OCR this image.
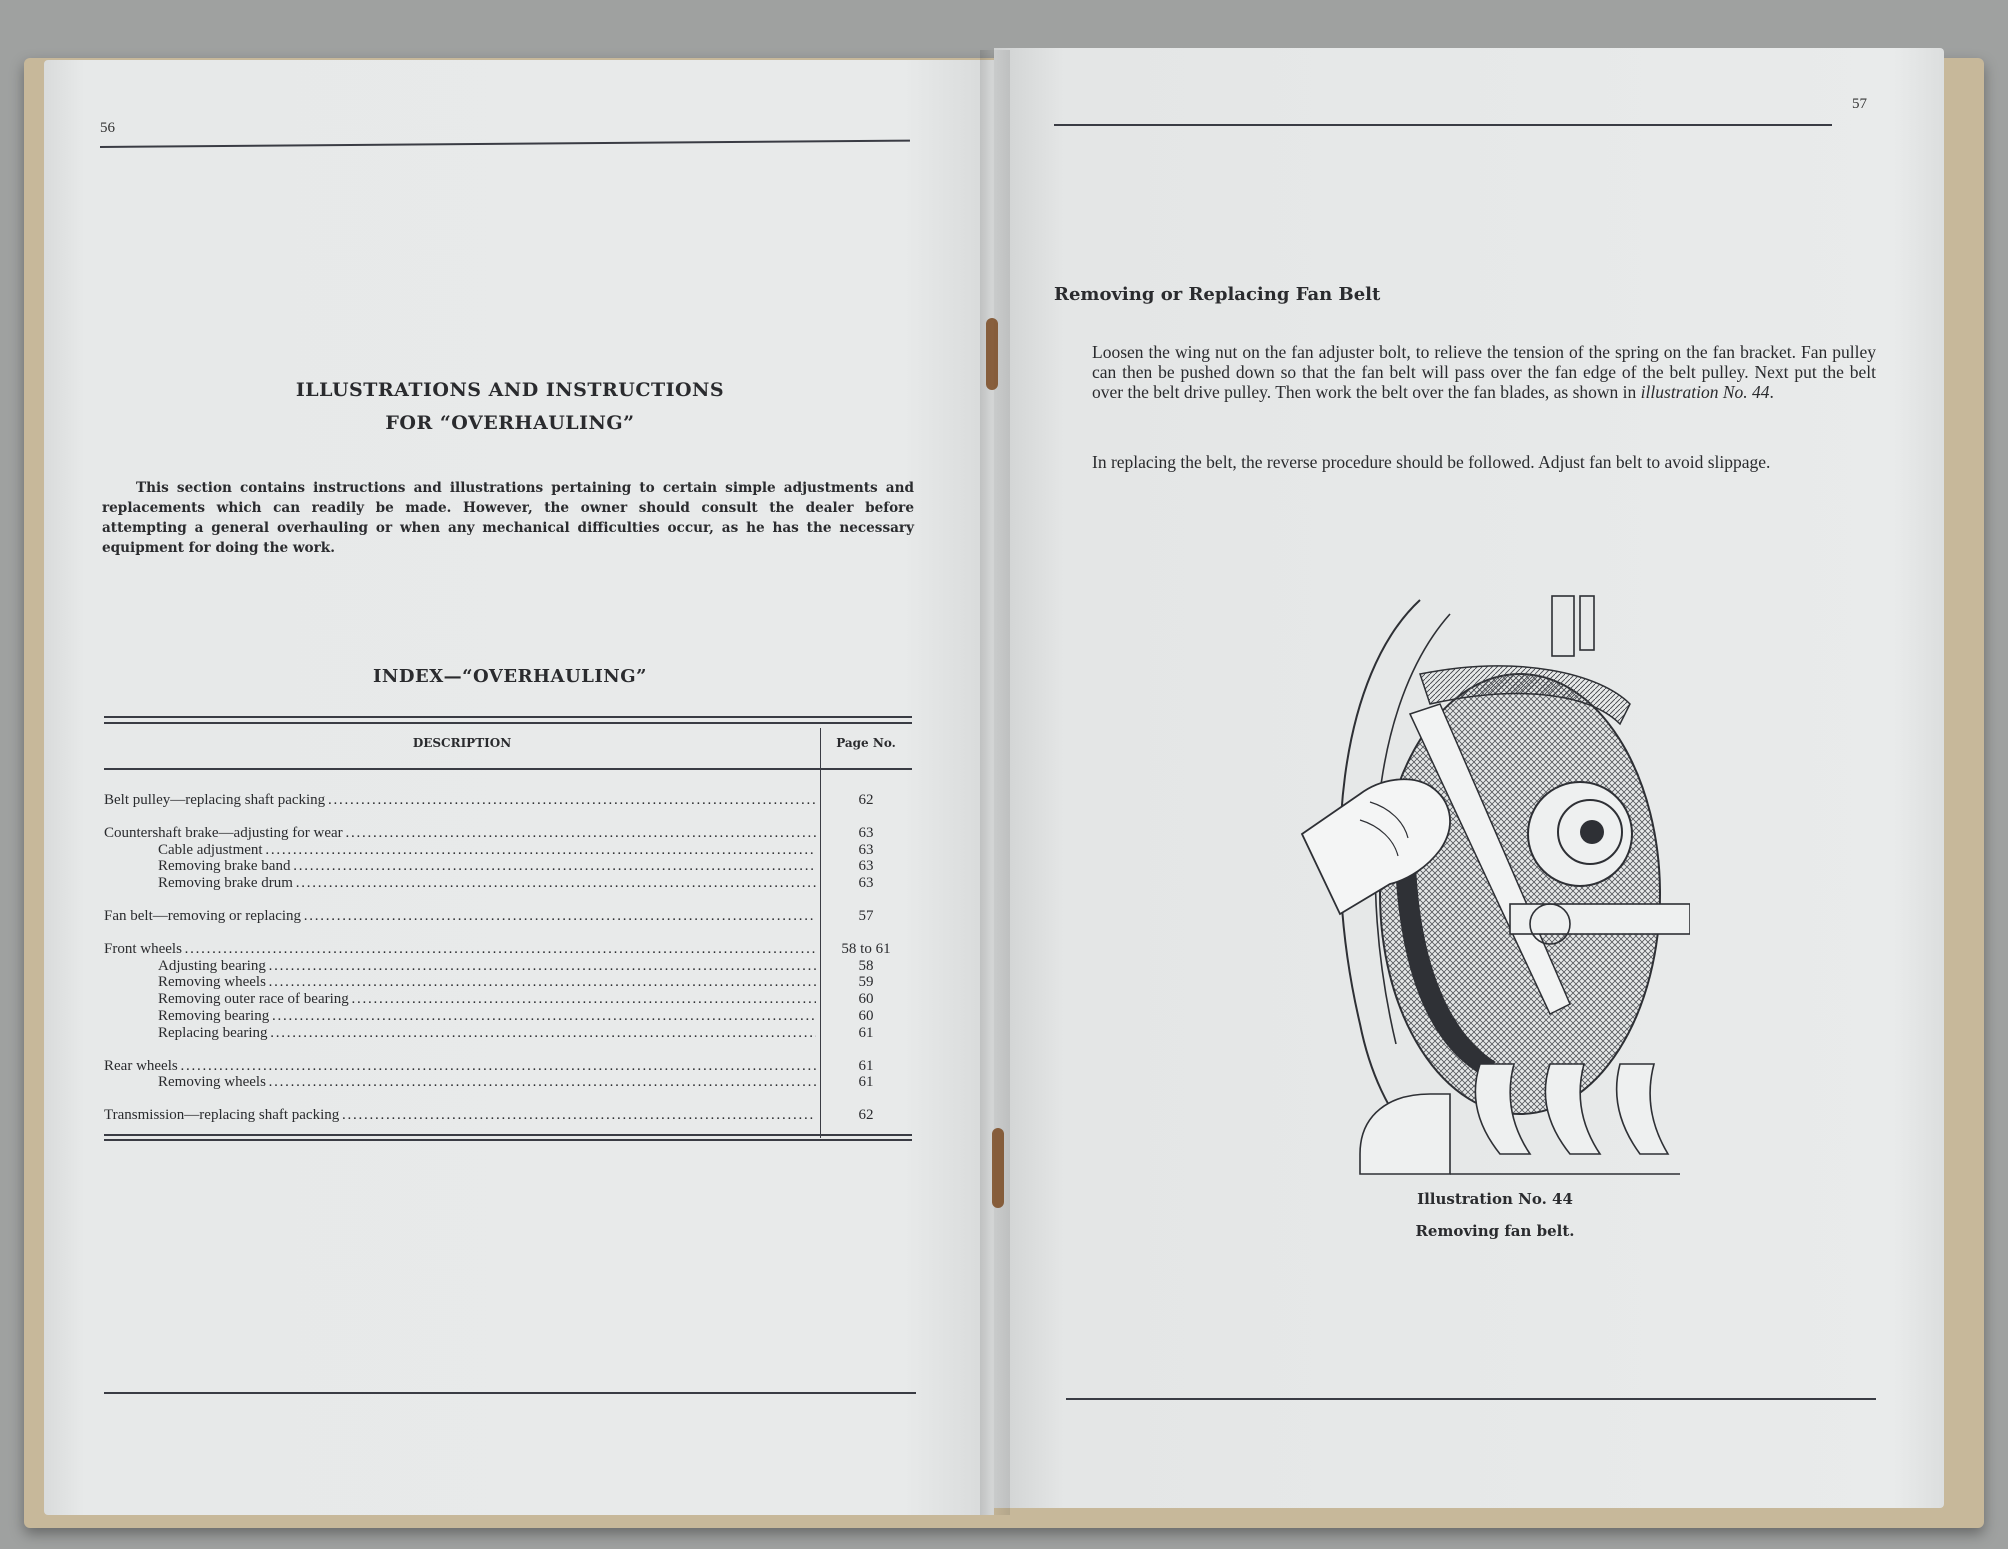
56
ILLUSTRATIONS AND INSTRUCTIONS
FOR “OVERHAULING”
This section contains instructions and illustrations pertaining to certain simple adjustments and replacements which can readily be made. However, the owner should consult the dealer before attempting a general overhauling or when any mechanical difficulties occur, as he has the necessary equipment for doing the work.
INDEX—“OVERHAULING”
DESCRIPTION	Page No.
Belt pulley—replacing shaft packing . . .	62
Countershaft brake—adjusting for wear . . .	63
Cable adjustment . . .	63
Removing brake band . . .	63
Removing brake drum . . .	63
Fan belt—removing or replacing . . .	57
Front wheels . . .	58 to 61
Adjusting bearing . . .	58
Removing wheels . . .	59
Removing outer race of bearing . . .	60
Removing bearing . . .	60
Replacing bearing . . .	61
Rear wheels . . .	61
Removing wheels . . .	61
Transmission—replacing shaft packing . . .	62
57
Removing or Replacing Fan Belt
Loosen the wing nut on the fan adjuster bolt, to relieve the tension of the spring on the fan bracket. Fan pulley can then be pushed down so that the fan belt will pass over the fan edge of the belt pulley. Next put the belt over the belt drive pulley. Then work the belt over the fan blades, as shown in illustration No. 44.
In replacing the belt, the reverse procedure should be followed. Adjust fan belt to avoid slippage.
Illustration No. 44
Removing fan belt.
